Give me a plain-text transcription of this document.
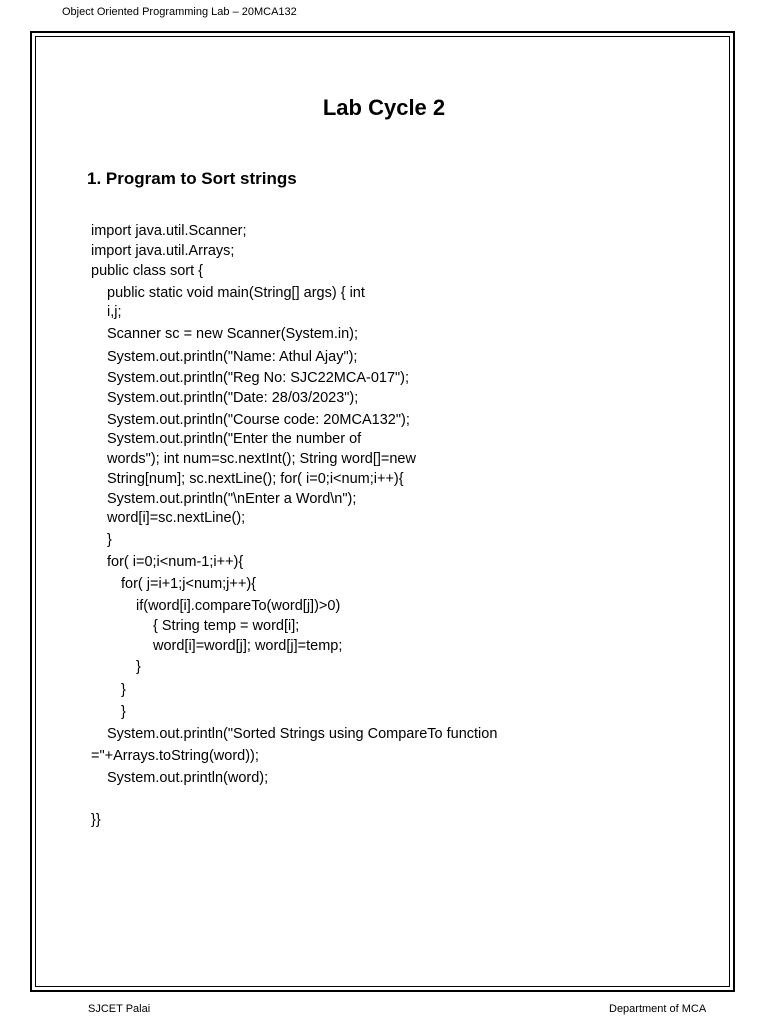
Object Oriented Programming Lab – 20MCA132
Lab Cycle 2
1. Program to Sort strings
import java.util.Scanner;
import java.util.Arrays;
public class sort {
public static void main(String[] args) { int
i,j;
Scanner sc = new Scanner(System.in);
System.out.println("Name: Athul Ajay");
System.out.println("Reg No: SJC22MCA-017");
System.out.println("Date: 28/03/2023");
System.out.println("Course code: 20MCA132");
System.out.println("Enter the number of
words"); int num=sc.nextInt(); String word[]=new
String[num]; sc.nextLine(); for( i=0;i<num;i++){
System.out.println("\nEnter a Word\n");
word[i]=sc.nextLine();
}
for( i=0;i<num-1;i++){
for( j=i+1;j<num;j++){
if(word[i].compareTo(word[j])>0)
{ String temp = word[i];
word[i]=word[j]; word[j]=temp;
}
}
}
System.out.println("Sorted Strings using CompareTo function
="+Arrays.toString(word));
System.out.println(word);
}}
SJCET Palai	Department of MCA
